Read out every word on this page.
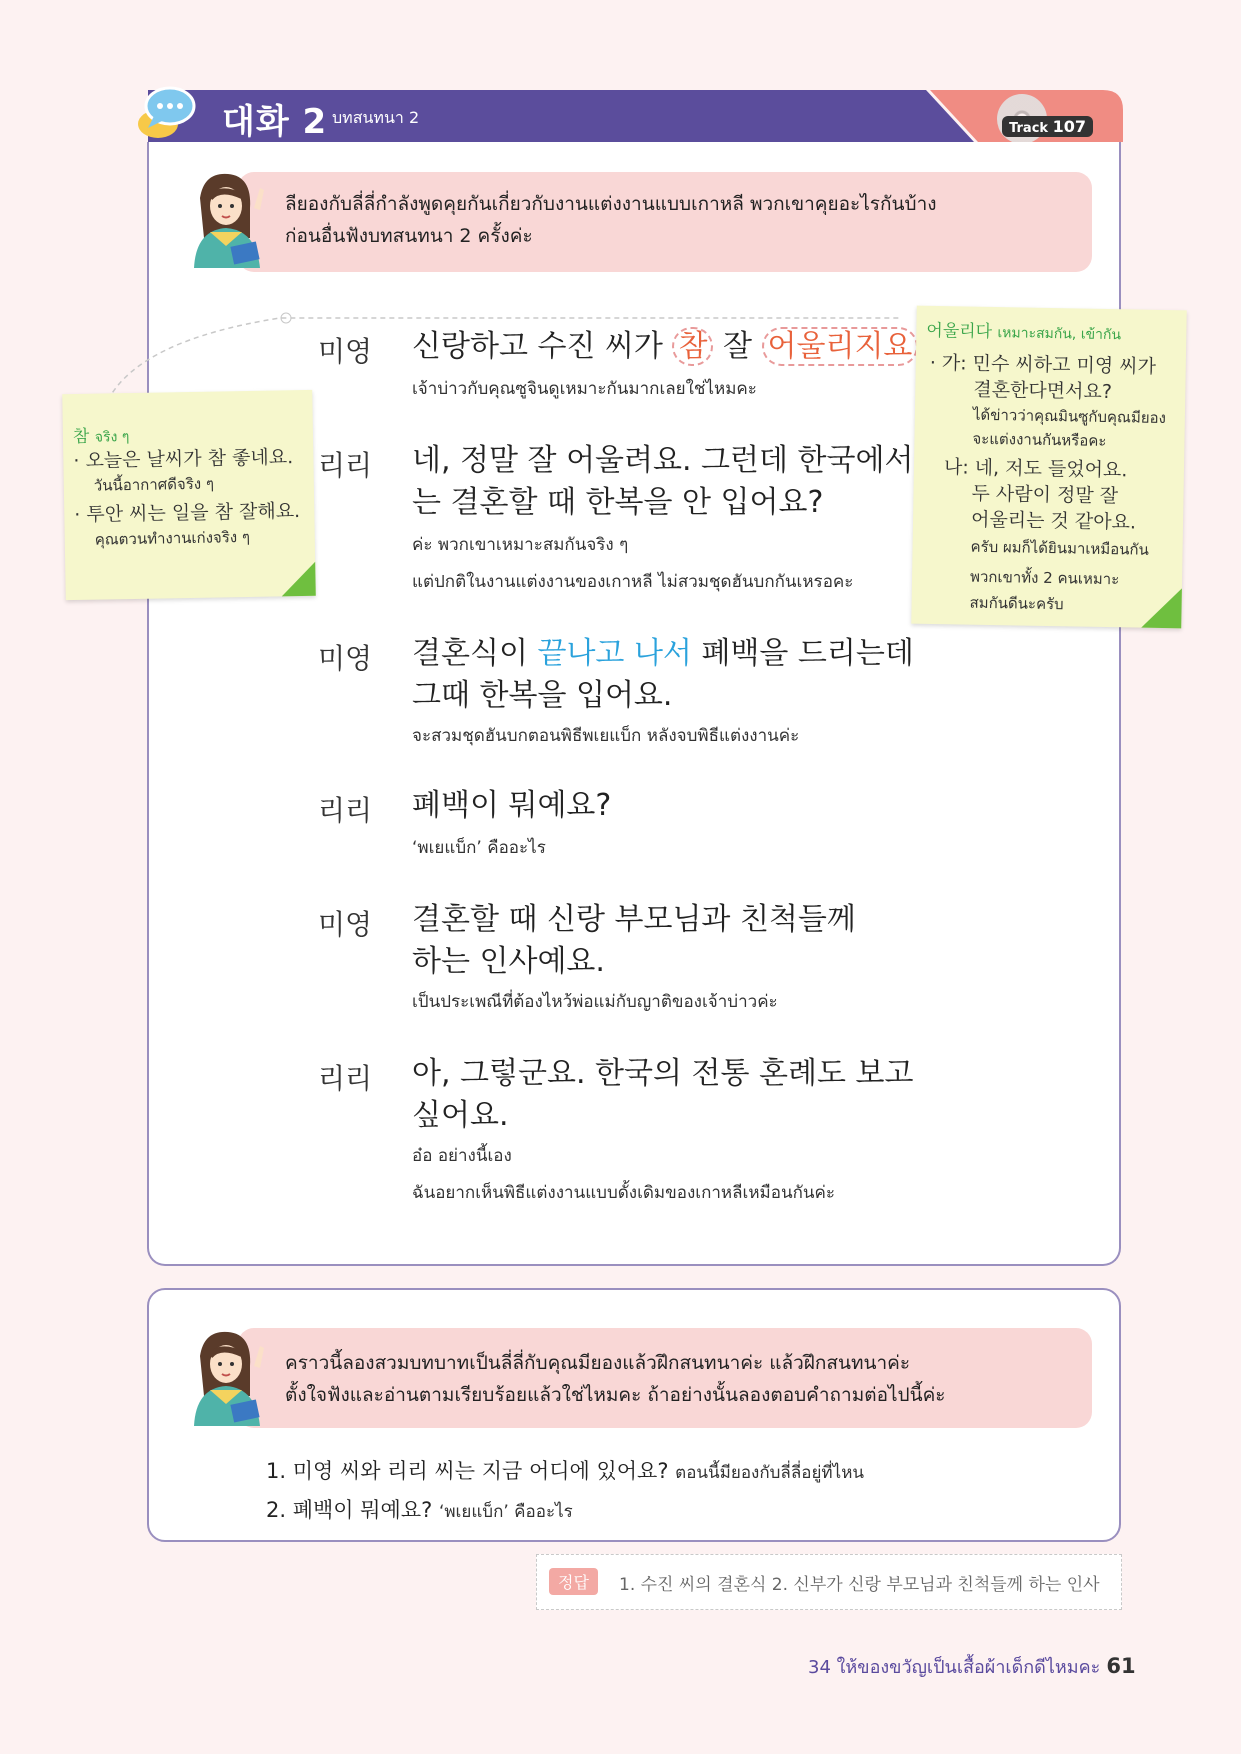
대화 2 บทสนทนา 2
Track 107
ลียองกับลี่ลี่กำลังพูดคุยกันเกี่ยวกับงานแต่งงานแบบเกาหลี พวกเขาคุยอะไรกันบ้าง
ก่อนอื่นฟังบทสนทนา 2 ครั้งค่ะ
미영 신랑하고 수진 씨가 참 잘 어울리지요
เจ้าบ่าวกับคุณซูจินดูเหมาะกันมากเลยใช่ไหมคะ
리리 네, 정말 잘 어울려요. 그런데 한국에서
는 결혼할 때 한복을 안 입어요?
ค่ะ พวกเขาเหมาะสมกันจริง ๆ
แต่ปกติในงานแต่งงานของเกาหลี ไม่สวมชุดฮันบกกันเหรอคะ
미영 결혼식이 끝나고 나서 폐백을 드리는데
그때 한복을 입어요.
จะสวมชุดฮันบกตอนพิธีพเยแบ็ก หลังจบพิธีแต่งงานค่ะ
리리 폐백이 뭐예요?
‘พเยแบ็ก’ คืออะไร
미영 결혼할 때 신랑 부모님과 친척들께
하는 인사예요.
เป็นประเพณีที่ต้องไหว้พ่อแม่กับญาติของเจ้าบ่าวค่ะ
리리 아, 그렇군요. 한국의 전통 혼례도 보고
싶어요.
อ๋อ อย่างนี้เอง
ฉันอยากเห็นพิธีแต่งงานแบบดั้งเดิมของเกาหลีเหมือนกันค่ะ
참 จริง ๆ
· 오늘은 날씨가 참 좋네요.
วันนี้อากาศดีจริง ๆ
· 투안 씨는 일을 참 잘해요.
คุณตวนทำงานเก่งจริง ๆ
어울리다 เหมาะสมกัน, เข้ากัน
· 가: 민수 씨하고 미영 씨가
결혼한다면서요?
ได้ข่าวว่าคุณมินซูกับคุณมียอง
จะแต่งงานกันหรือคะ
나: 네, 저도 들었어요.
두 사람이 정말 잘
어울리는 것 같아요.
ครับ ผมก็ได้ยินมาเหมือนกัน
พวกเขาทั้ง 2 คนเหมาะ
สมกันดีนะครับ
คราวนี้ลองสวมบทบาทเป็นลี่ลี่กับคุณมียองแล้วฝึกสนทนาค่ะ แล้วฝึกสนทนาค่ะ
ตั้งใจฟังและอ่านตามเรียบร้อยแล้วใช่ไหมคะ ถ้าอย่างนั้นลองตอบคำถามต่อไปนี้ค่ะ
1. 미영 씨와 리리 씨는 지금 어디에 있어요? ตอนนี้มียองกับลี่ลี่อยู่ที่ไหน
2. 폐백이 뭐예요? ‘พเยแบ็ก’ คืออะไร
정답	1. 수진 씨의 결혼식 2. 신부가 신랑 부모님과 친척들께 하는 인사
34 ให้ของขวัญเป็นเสื้อผ้าเด็กดีไหมคะ 61
